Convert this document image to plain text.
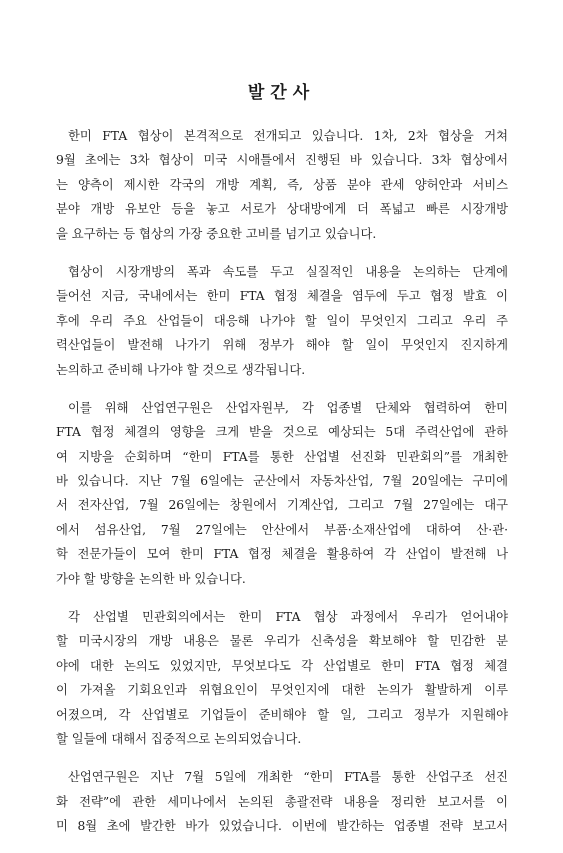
발간사

한미 FTA 협상이 본격적으로 전개되고 있습니다. 1차, 2차 협상을 거쳐
9월 초에는 3차 협상이 미국 시애틀에서 진행된 바 있습니다. 3차 협상에서
는 양측이 제시한 각국의 개방 계획, 즉, 상품 분야 관세 양허안과 서비스
분야 개방 유보안 등을 놓고 서로가 상대방에게 더 폭넓고 빠른 시장개방
을 요구하는 등 협상의 가장 중요한 고비를 넘기고 있습니다.

협상이 시장개방의 폭과 속도를 두고 실질적인 내용을 논의하는 단계에
들어선 지금, 국내에서는 한미 FTA 협정 체결을 염두에 두고 협정 발효 이
후에 우리 주요 산업들이 대응해 나가야 할 일이 무엇인지 그리고 우리 주
력산업들이 발전해 나가기 위해 정부가 해야 할 일이 무엇인지 진지하게
논의하고 준비해 나가야 할 것으로 생각됩니다.

이를 위해 산업연구원은 산업자원부, 각 업종별 단체와 협력하여 한미
FTA 협정 체결의 영향을 크게 받을 것으로 예상되는 5대 주력산업에 관하
여 지방을 순회하며 “한미 FTA를 통한 산업별 선진화 민관회의”를 개최한
바 있습니다. 지난 7월 6일에는 군산에서 자동차산업, 7월 20일에는 구미에
서 전자산업, 7월 26일에는 창원에서 기계산업, 그리고 7월 27일에는 대구
에서 섬유산업, 7월 27일에는 안산에서 부품·소재산업에 대하여 산·관·
학 전문가들이 모여 한미 FTA 협정 체결을 활용하여 각 산업이 발전해 나
가야 할 방향을 논의한 바 있습니다.

각 산업별 민관회의에서는 한미 FTA 협상 과정에서 우리가 얻어내야
할 미국시장의 개방 내용은 물론 우리가 신축성을 확보해야 할 민감한 분
야에 대한 논의도 있었지만, 무엇보다도 각 산업별로 한미 FTA 협정 체결
이 가져올 기회요인과 위협요인이 무엇인지에 대한 논의가 활발하게 이루
어졌으며, 각 산업별로 기업들이 준비해야 할 일, 그리고 정부가 지원해야
할 일들에 대해서 집중적으로 논의되었습니다.

산업연구원은 지난 7월 5일에 개최한 “한미 FTA를 통한 산업구조 선진
화 전략”에 관한 세미나에서 논의된 총괄전략 내용을 정리한 보고서를 이
미 8월 초에 발간한 바가 있었습니다. 이번에 발간하는 업종별 전략 보고서
